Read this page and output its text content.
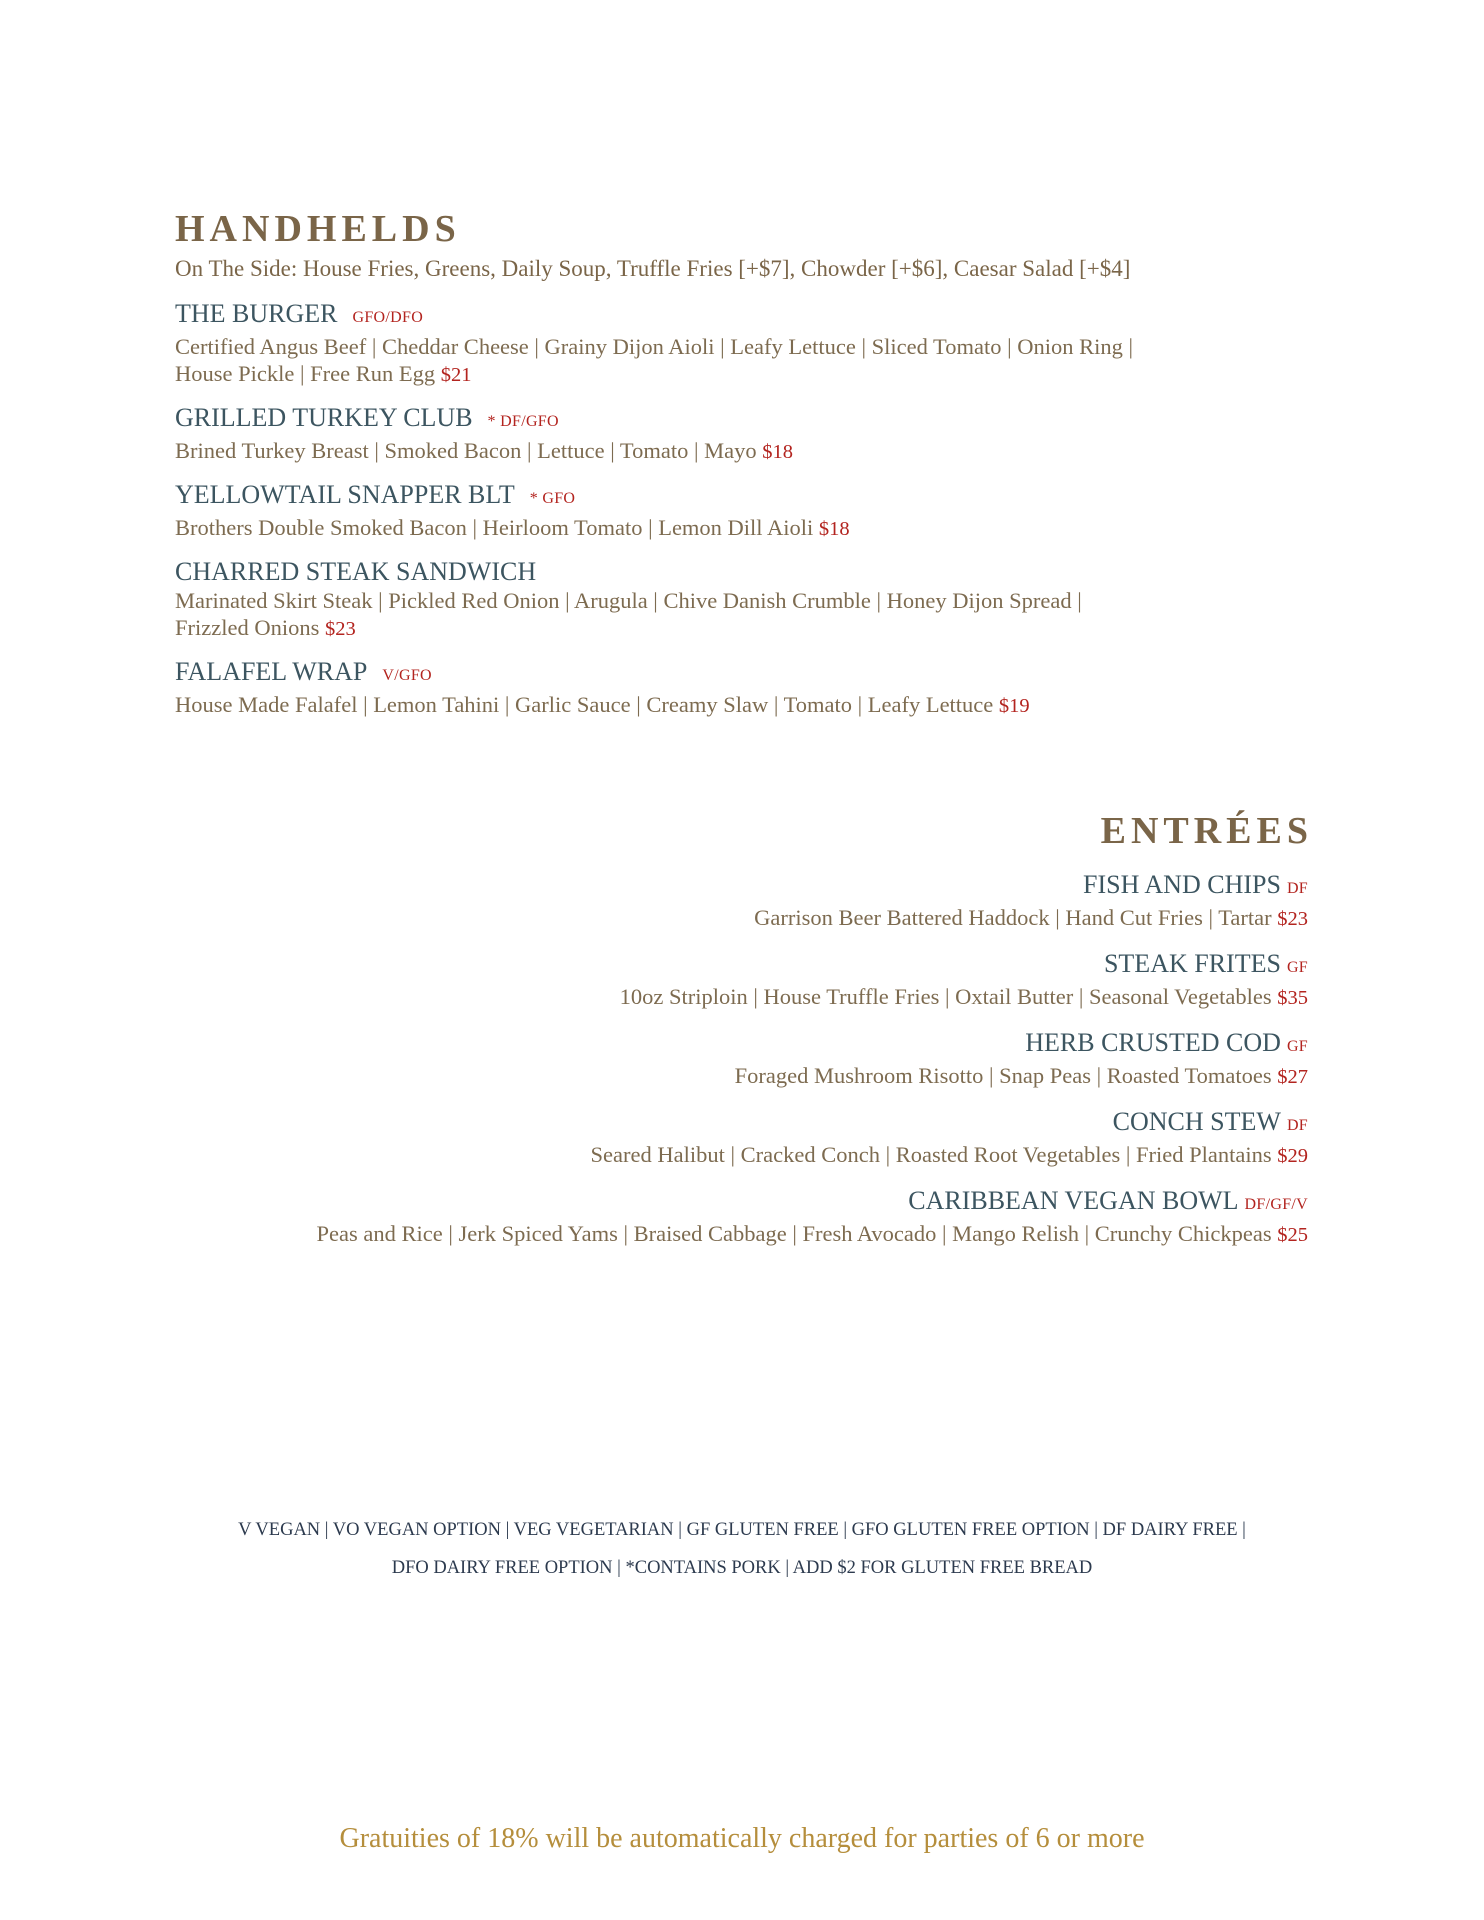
HANDHELDS

On The Side: House Fries, Greens, Daily Soup, Truffle Fries [+$7], Chowder [+$6], Caesar Salad [+$4]

THE BURGER GFO/DFO
Certified Angus Beef | Cheddar Cheese | Grainy Dijon Aioli | Leafy Lettuce | Sliced Tomato | Onion Ring |
House Pickle | Free Run Egg $21
GRILLED TURKEY CLUB * DF/GFO
Brined Turkey Breast | Smoked Bacon | Lettuce | Tomato | Mayo $18
YELLOWTAIL SNAPPER BLT * GFO
Brothers Double Smoked Bacon | Heirloom Tomato | Lemon Dill Aioli $18
CHARRED STEAK SANDWICH
Marinated Skirt Steak | Pickled Red Onion | Arugula | Chive Danish Crumble | Honey Dijon Spread |
Frizzled Onions $23
FALAFEL WRAP V/GFO
House Made Falafel | Lemon Tahini | Garlic Sauce | Creamy Slaw | Tomato | Leafy Lettuce $19
ENTRÉES
FISH AND CHIPS DF
Garrison Beer Battered Haddock | Hand Cut Fries | Tartar $23
STEAK FRITES GF
10oz Striploin | House Truffle Fries | Oxtail Butter | Seasonal Vegetables $35
HERB CRUSTED COD GF
Foraged Mushroom Risotto | Snap Peas | Roasted Tomatoes $27
CONCH STEW DF
Seared Halibut | Cracked Conch | Roasted Root Vegetables | Fried Plantains $29
CARIBBEAN VEGAN BOWL DF/GF/V
Peas and Rice | Jerk Spiced Yams | Braised Cabbage | Fresh Avocado | Mango Relish | Crunchy Chickpeas $25
V VEGAN | VO VEGAN OPTION | VEG VEGETARIAN | GF GLUTEN FREE | GFO GLUTEN FREE OPTION | DF DAIRY FREE |
DFO DAIRY FREE OPTION | *CONTAINS PORK | ADD $2 FOR GLUTEN FREE BREAD
Gratuities of 18% will be automatically charged for parties of 6 or more
